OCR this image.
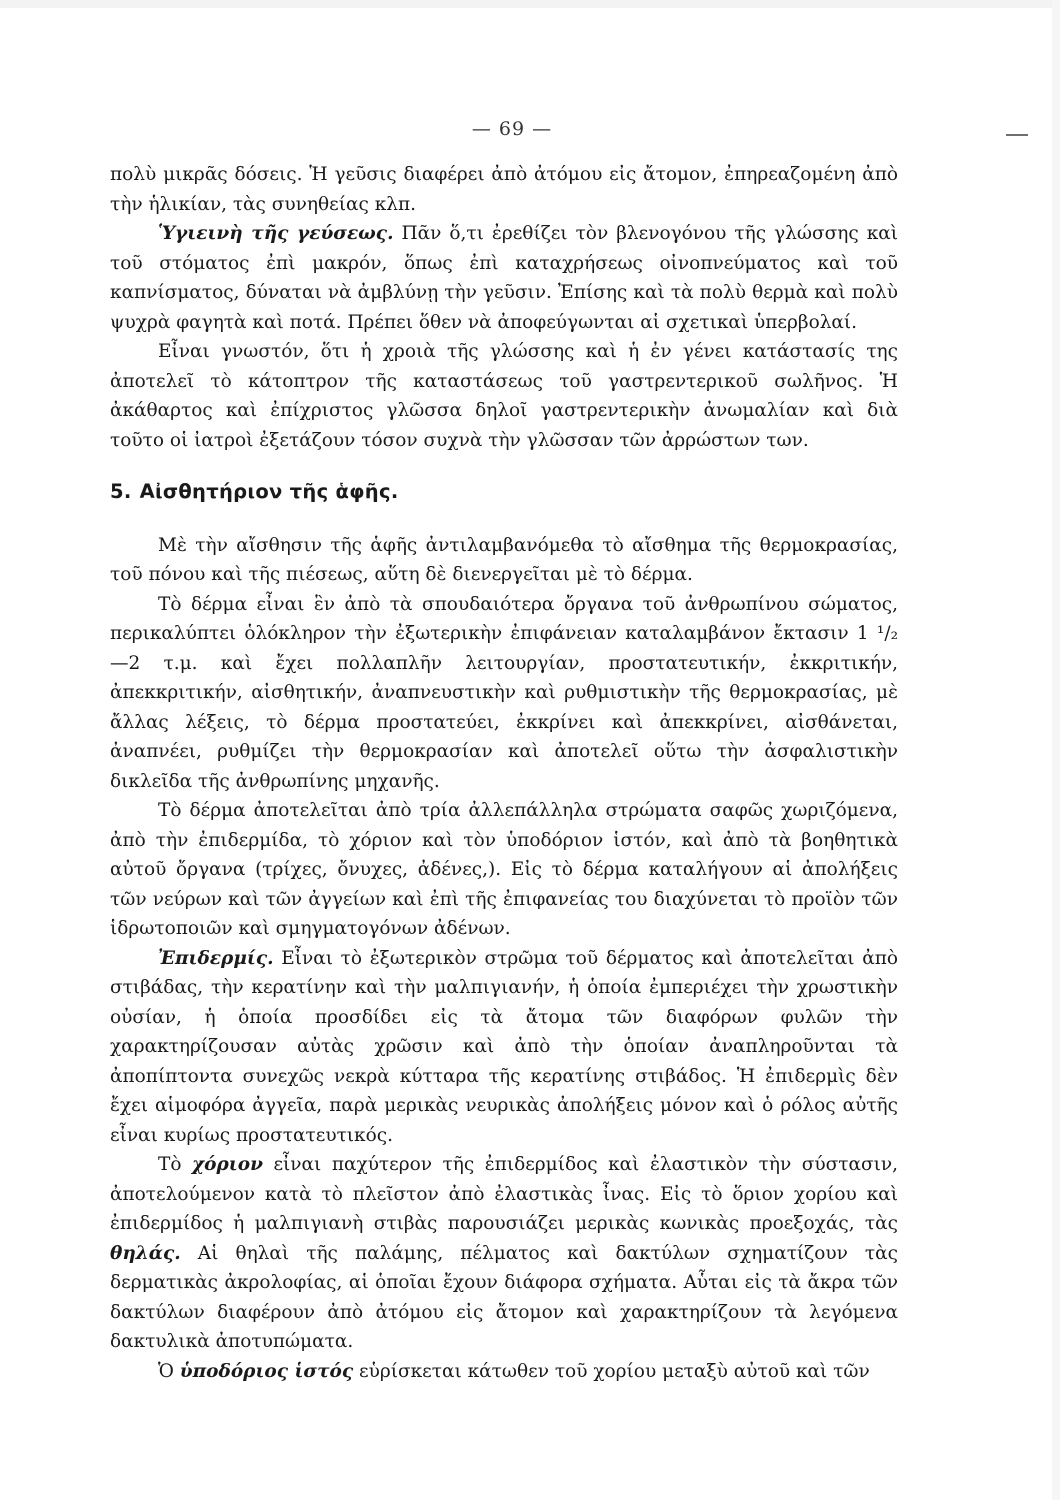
— 69 —

πολὺ μικρᾶς δόσεις. Ἡ γεῦσις διαφέρει ἀπὸ ἀτόμου εἰς ἄτομον, ἐπηρεαζομένη ἀπὸ τὴν ἡλικίαν, τὰς συνηθείας κλπ.

Ὑγιεινὴ τῆς γεύσεως. Πᾶν ὅ,τι ἐρεθίζει τὸν βλενογόνου τῆς γλώσσης καὶ τοῦ στόματος ἐπὶ μακρόν, ὅπως ἐπὶ καταχρήσεως οἰνοπνεύματος καὶ τοῦ καπνίσματος, δύναται νὰ ἀμβλύνῃ τὴν γεῦσιν. Ἐπίσης καὶ τὰ πολὺ θερμὰ καὶ πολὺ ψυχρὰ φαγητὰ καὶ ποτά. Πρέπει ὅθεν νὰ ἀποφεύγωνται αἱ σχετικαὶ ὑπερβολαί.

Εἶναι γνωστόν, ὅτι ἡ χροιὰ τῆς γλώσσης καὶ ἡ ἐν γένει κατάστασίς της ἀποτελεῖ τὸ κάτοπτρον τῆς καταστάσεως τοῦ γαστρεντερικοῦ σωλῆνος. Ἡ ἀκάθαρτος καὶ ἐπίχριστος γλῶσσα δηλοῖ γαστρεντερικὴν ἀνωμαλίαν καὶ διὰ τοῦτο οἱ ἰατροὶ ἐξετάζουν τόσον συχνὰ τὴν γλῶσσαν τῶν ἀρρώστων των.

5. Αἰσθητήριον τῆς ἁφῆς.

Μὲ τὴν αἴσθησιν τῆς ἁφῆς ἀντιλαμβανόμεθα τὸ αἴσθημα τῆς θερμοκρασίας, τοῦ πόνου καὶ τῆς πιέσεως, αὕτη δὲ διενεργεῖται μὲ τὸ δέρμα.

Τὸ δέρμα εἶναι ἓν ἀπὸ τὰ σπουδαιότερα ὄργανα τοῦ ἀνθρωπίνου σώματος, περικαλύπτει ὁλόκληρον τὴν ἐξωτερικὴν ἐπιφάνειαν καταλαμβάνον ἔκτασιν 1 ¹/₂ —2 τ.μ. καὶ ἔχει πολλαπλῆν λειτουργίαν, προστατευτικήν, ἐκκριτικήν, ἀπεκκριτικήν, αἰσθητικήν, ἀναπνευστικὴν καὶ ρυθμιστικὴν τῆς θερμοκρασίας, μὲ ἄλλας λέξεις, τὸ δέρμα προστατεύει, ἐκκρίνει καὶ ἀπεκκρίνει, αἰσθάνεται, ἀναπνέει, ρυθμίζει τὴν θερμοκρασίαν καὶ ἀποτελεῖ οὕτω τὴν ἀσφαλιστικὴν δικλεῖδα τῆς ἀνθρωπίνης μηχανῆς.

Τὸ δέρμα ἀποτελεῖται ἀπὸ τρία ἀλλεπάλληλα στρώματα σαφῶς χωριζόμενα, ἀπὸ τὴν ἐπιδερμίδα, τὸ χόριον καὶ τὸν ὑποδόριον ἱστόν, καὶ ἀπὸ τὰ βοηθητικὰ αὐτοῦ ὄργανα (τρίχες, ὄνυχες, ἀδένες,). Εἰς τὸ δέρμα καταλήγουν αἱ ἀπολήξεις τῶν νεύρων καὶ τῶν ἀγγείων καὶ ἐπὶ τῆς ἐπιφανείας του διαχύνεται τὸ προϊὸν τῶν ἱδρωτοποιῶν καὶ σμηγματογόνων ἀδένων.

Ἐπιδερμίς. Εἶναι τὸ ἐξωτερικὸν στρῶμα τοῦ δέρματος καὶ ἀποτελεῖται ἀπὸ στιβάδας, τὴν κερατίνην καὶ τὴν μαλπιγιανήν, ἡ ὁποία ἐμπεριέχει τὴν χρωστικὴν οὐσίαν, ἡ ὁποία προσδίδει εἰς τὰ ἄτομα τῶν διαφόρων φυλῶν τὴν χαρακτηρίζουσαν αὐτὰς χρῶσιν καὶ ἀπὸ τὴν ὁποίαν ἀναπληροῦνται τὰ ἀποπίπτοντα συνεχῶς νεκρὰ κύτταρα τῆς κερατίνης στιβάδος. Ἡ ἐπιδερμὶς δὲν ἔχει αἱμοφόρα ἀγγεῖα, παρὰ μερικὰς νευρικὰς ἀπολήξεις μόνον καὶ ὁ ρόλος αὐτῆς εἶναι κυρίως προστατευτικός.

Τὸ χόριον εἶναι παχύτερον τῆς ἐπιδερμίδος καὶ ἐλαστικὸν τὴν σύστασιν, ἀποτελούμενον κατὰ τὸ πλεῖστον ἀπὸ ἐλαστικὰς ἶνας. Εἰς τὸ ὅριον χορίου καὶ ἐπιδερμίδος ἡ μαλπιγιανὴ στιβὰς παρουσιάζει μερικὰς κωνικὰς προεξοχάς, τὰς θηλάς. Αἱ θηλαὶ τῆς παλάμης, πέλματος καὶ δακτύλων σχηματίζουν τὰς δερματικὰς ἀκρολοφίας, αἱ ὁποῖαι ἔχουν διάφορα σχήματα. Αὗται εἰς τὰ ἄκρα τῶν δακτύλων διαφέρουν ἀπὸ ἀτόμου εἰς ἄτομον καὶ χαρακτηρίζουν τὰ λεγόμενα δακτυλικὰ ἀποτυπώματα.

Ὁ ὑποδόριος ἱστός εὑρίσκεται κάτωθεν τοῦ χορίου μεταξὺ αὐτοῦ καὶ τῶν
